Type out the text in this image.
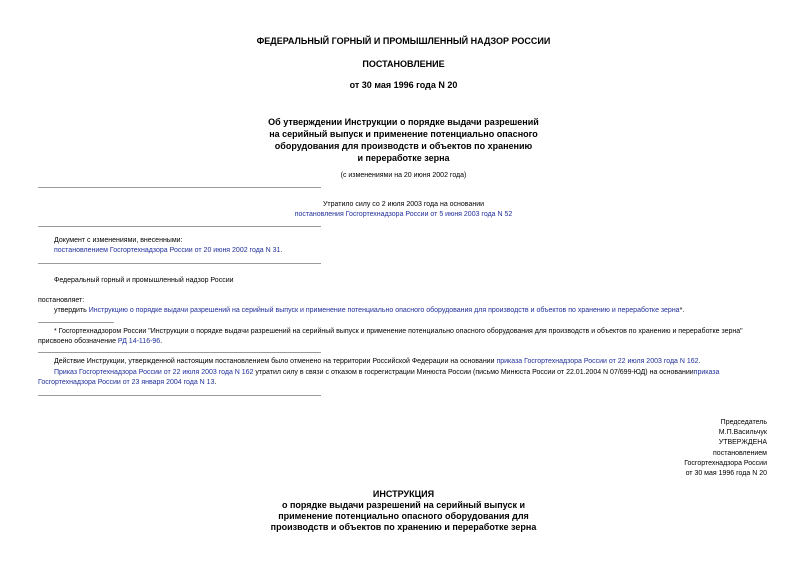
ФЕДЕРАЛЬНЫЙ ГОРНЫЙ И ПРОМЫШЛЕННЫЙ НАДЗОР РОССИИ
ПОСТАНОВЛЕНИЕ
от 30 мая 1996 года N 20
Об утверждении Инструкции о порядке выдачи разрешений
на серийный выпуск и применение потенциально опасного
оборудования для производств и объектов по хранению
и переработке зерна
(с изменениями на 20 июня 2002 года)
Утратило силу со 2 июля 2003 года на основании
постановления Госгортехнадзора России от 5 июня 2003 года N 52
Документ с изменениями, внесенными:
постановлением Госгортехнадзора России от 20 июня 2002 года N 31.
Федеральный горный и промышленный надзор России
постановляет:
утвердить Инструкцию о порядке выдачи разрешений на серийный выпуск и применение потенциально опасного оборудования для производств и объектов по хранению и переработке зерна*.
* Госгортехнадзором России "Инструкции о порядке выдачи разрешений на серийный выпуск и применение потенциально опасного оборудования для производств и объектов по хранению и переработке зерна"
присвоено обозначение РД 14-116-96.
Действие Инструкции, утвержденной настоящим постановлением было отменено на территории Российской Федерации на основании приказа Госгортехнадзора России от 22 июля 2003 года N 162.
Приказ Госгортехнадзора России от 22 июля 2003 года N 162 утратил силу в связи с отказом в госрегистрации Минюста России (письмо Минюста России от 22.01.2004 N 07/699-ЮД) на основанииприказа
Госгортехнадзора России от 23 января 2004 года N 13.
Председатель
М.П.Васильчук
УТВЕРЖДЕНА
постановлением
Госгортехнадзора России
от 30 мая 1996 года N 20
ИНСТРУКЦИЯ
о порядке выдачи разрешений на серийный выпуск и
применение потенциально опасного оборудования для
производств и объектов по хранению и переработке зерна
